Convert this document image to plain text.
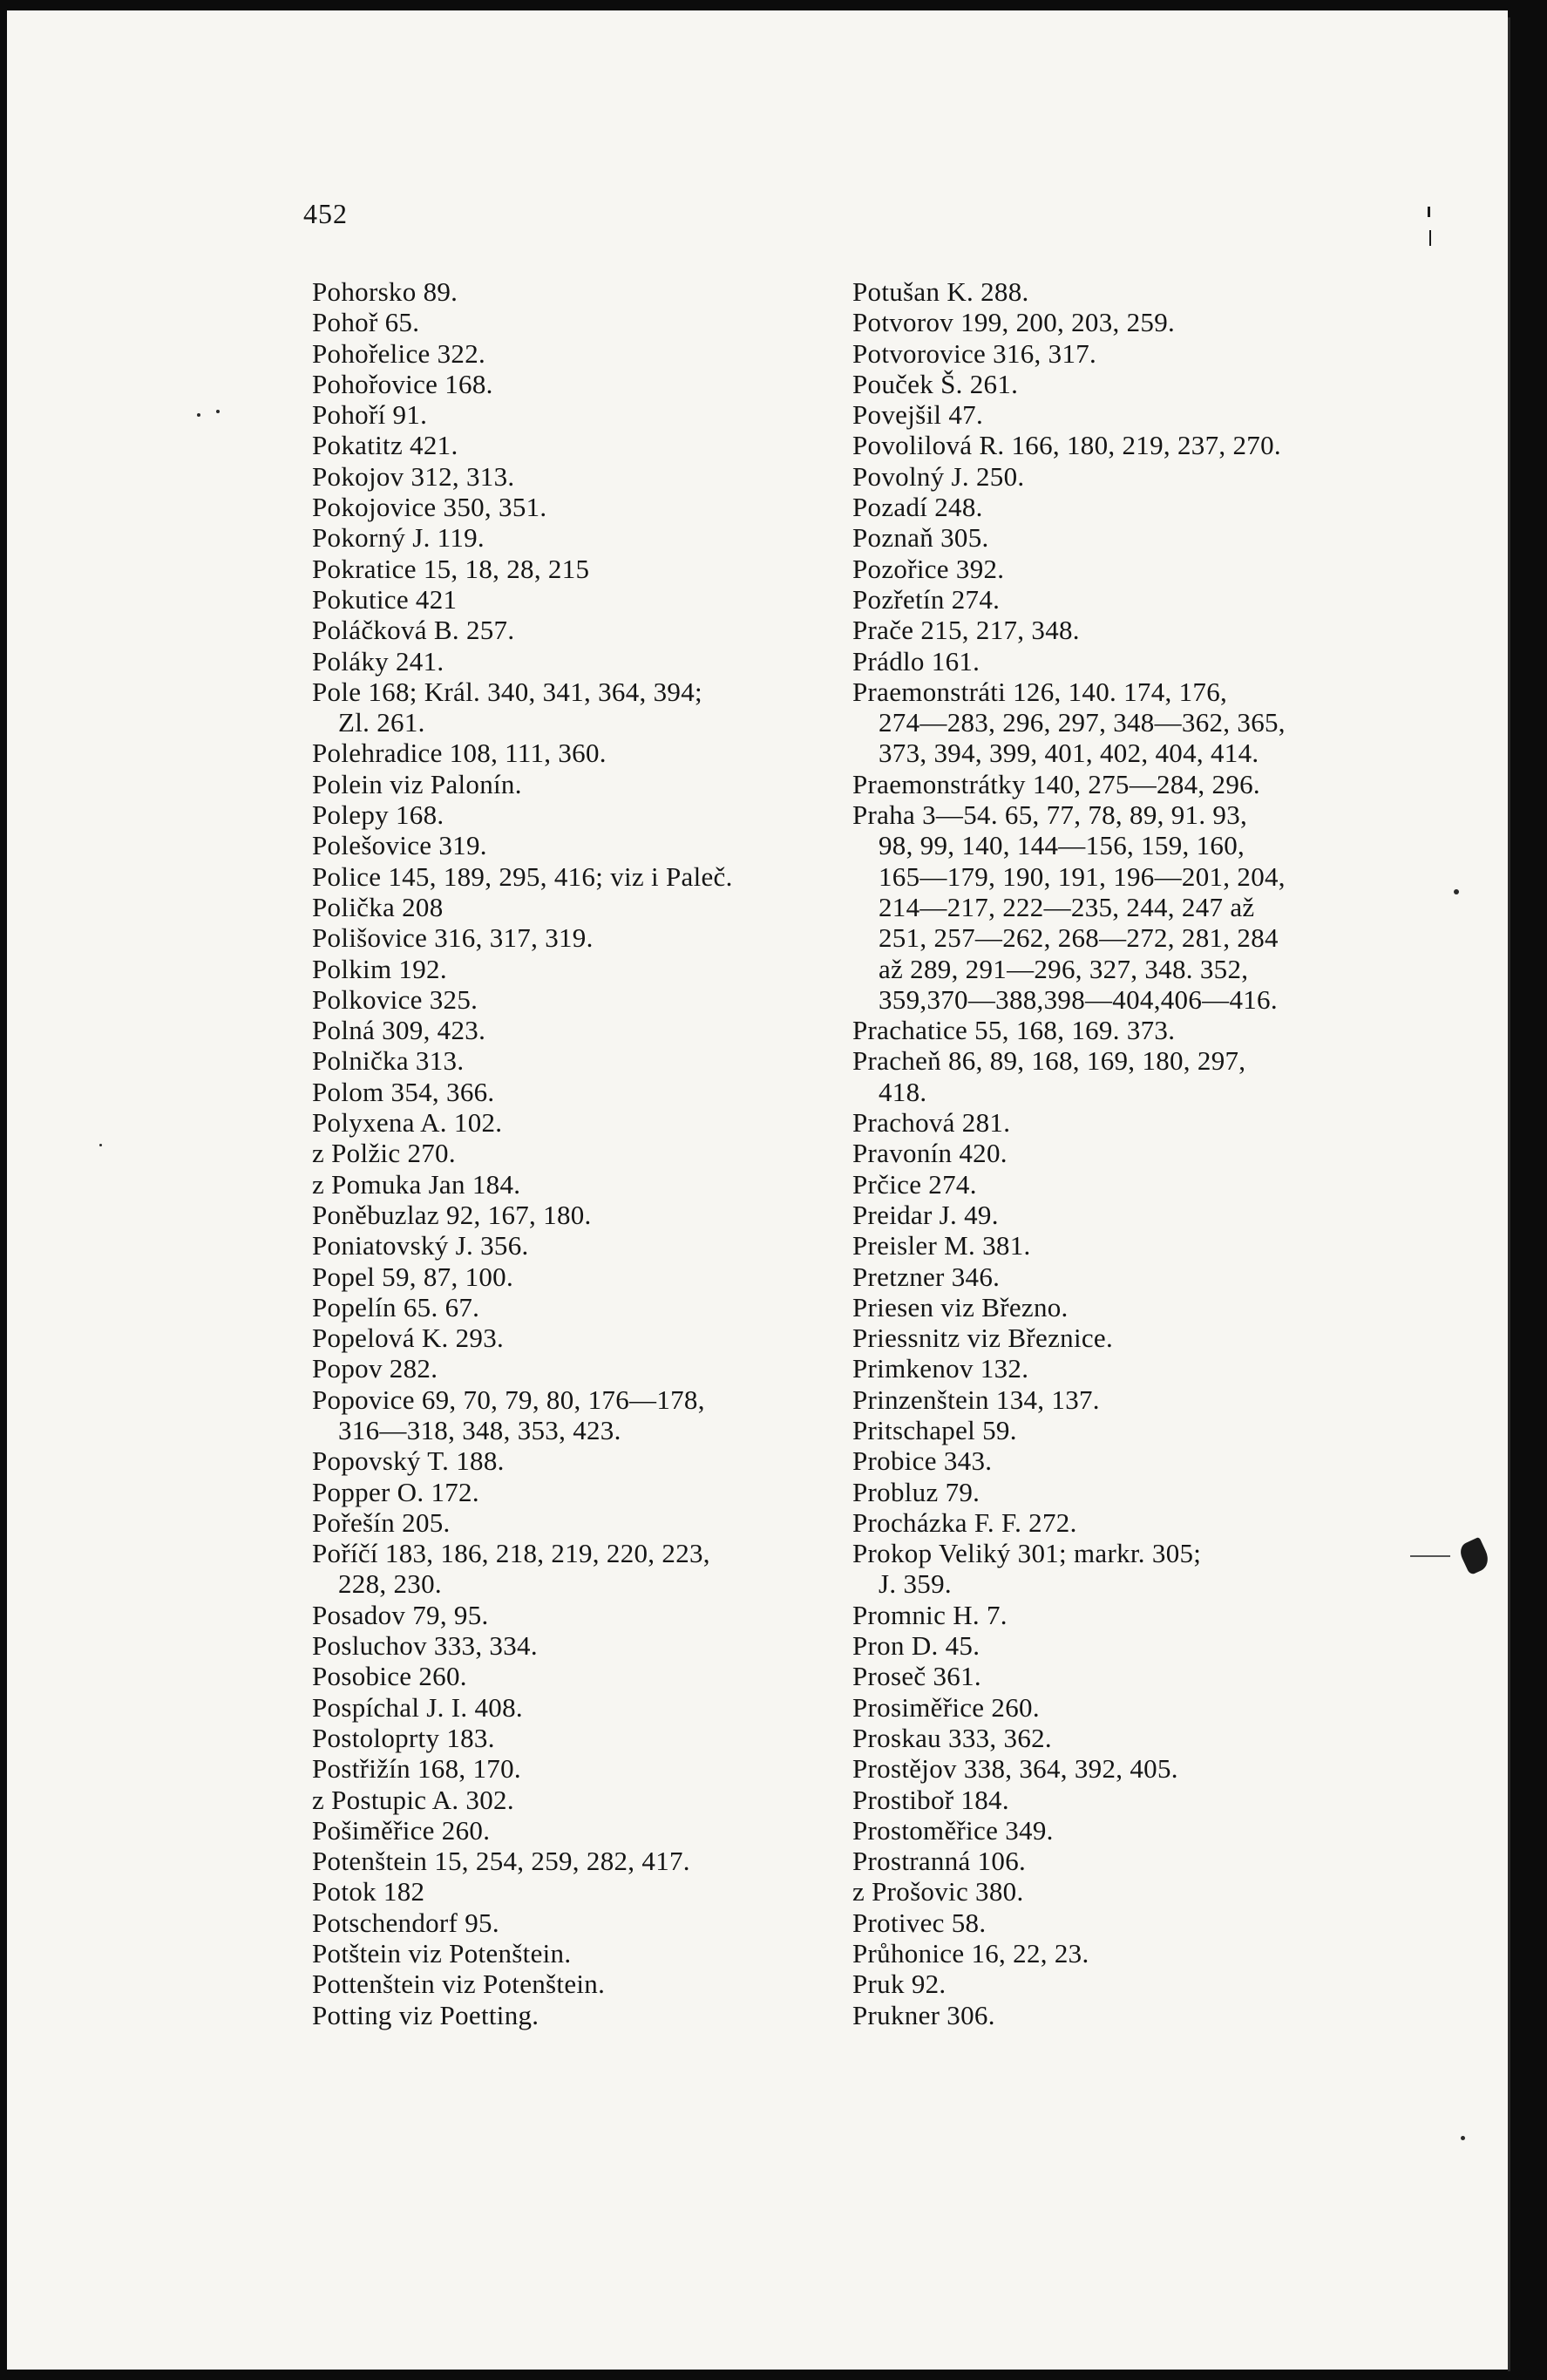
452
Pohorsko 89.
Pohoř 65.
Pohořelice 322.
Pohořovice 168.
Pohoří 91.
Pokatitz 421.
Pokojov 312, 313.
Pokojovice 350, 351.
Pokorný J. 119.
Pokratice 15, 18, 28, 215
Pokutice 421
Poláčková B. 257.
Poláky 241.
Pole 168; Král. 340, 341, 364, 394;
Zl. 261.
Polehradice 108, 111, 360.
Polein viz Palonín.
Polepy 168.
Polešovice 319.
Police 145, 189, 295, 416; viz i Paleč.
Polička 208
Polišovice 316, 317, 319.
Polkim 192.
Polkovice 325.
Polná 309, 423.
Polnička 313.
Polom 354, 366.
Polyxena A. 102.
z Polžic 270.
z Pomuka Jan 184.
Poněbuzlaz 92, 167, 180.
Poniatovský J. 356.
Popel 59, 87, 100.
Popelín 65. 67.
Popelová K. 293.
Popov 282.
Popovice 69, 70, 79, 80, 176—178,
316—318, 348, 353, 423.
Popovský T. 188.
Popper O. 172.
Pořešín 205.
Poříčí 183, 186, 218, 219, 220, 223,
228, 230.
Posadov 79, 95.
Posluchov 333, 334.
Posobice 260.
Pospíchal J. I. 408.
Postoloprty 183.
Postřižín 168, 170.
z Postupic A. 302.
Pošiměřice 260.
Potenštein 15, 254, 259, 282, 417.
Potok 182
Potschendorf 95.
Potštein viz Potenštein.
Pottenštein viz Potenštein.
Potting viz Poetting.
Potušan K. 288.
Potvorov 199, 200, 203, 259.
Potvorovice 316, 317.
Pouček Š. 261.
Povejšil 47.
Povolilová R. 166, 180, 219, 237, 270.
Povolný J. 250.
Pozadí 248.
Poznaň 305.
Pozořice 392.
Pozřetín 274.
Prače 215, 217, 348.
Prádlo 161.
Praemonstráti 126, 140. 174, 176,
274—283, 296, 297, 348—362, 365,
373, 394, 399, 401, 402, 404, 414.
Praemonstrátky 140, 275—284, 296.
Praha 3—54. 65, 77, 78, 89, 91. 93,
98, 99, 140, 144—156, 159, 160,
165—179, 190, 191, 196—201, 204,
214—217, 222—235, 244, 247 až
251, 257—262, 268—272, 281, 284
až 289, 291—296, 327, 348. 352,
359,370—388,398—404,406—416.
Prachatice 55, 168, 169. 373.
Pracheň 86, 89, 168, 169, 180, 297,
418.
Prachová 281.
Pravonín 420.
Prčice 274.
Preidar J. 49.
Preisler M. 381.
Pretzner 346.
Priesen viz Březno.
Priessnitz viz Březnice.
Primkenov 132.
Prinzenštein 134, 137.
Pritschapel 59.
Probice 343.
Probluz 79.
Procházka F. F. 272.
Prokop Veliký 301; markr. 305;
J. 359.
Promnic H. 7.
Pron D. 45.
Proseč 361.
Prosiměřice 260.
Proskau 333, 362.
Prostějov 338, 364, 392, 405.
Prostiboř 184.
Prostoměřice 349.
Prostranná 106.
z Prošovic 380.
Protivec 58.
Průhonice 16, 22, 23.
Pruk 92.
Prukner 306.
